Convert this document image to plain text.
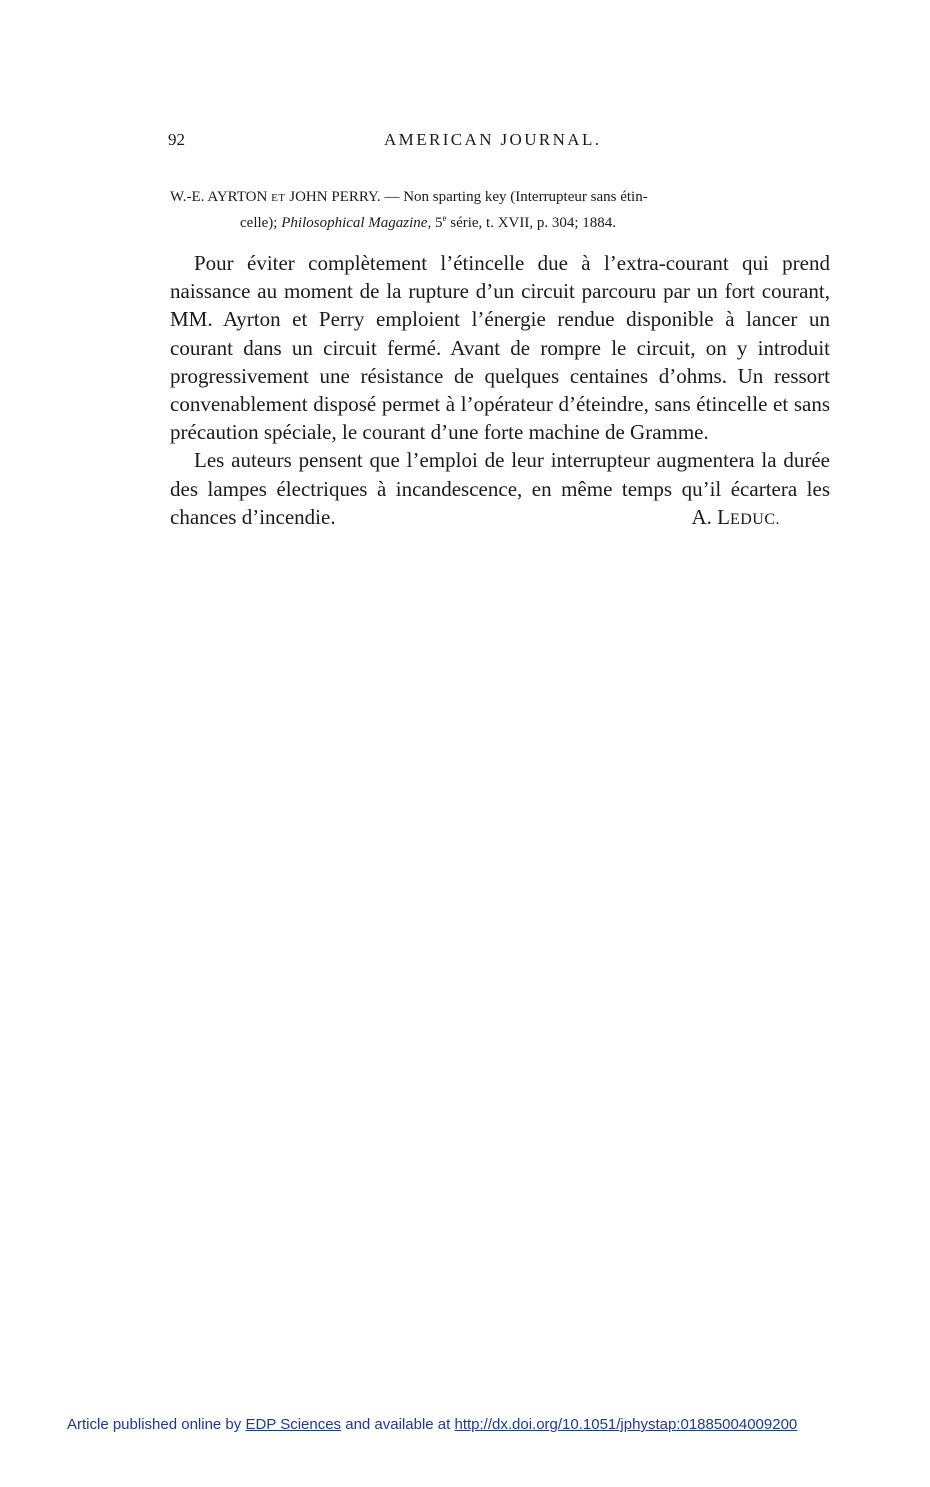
92	AMERICAN JOURNAL.
W.-E. AYRTON ET JOHN PERRY. — Non sparting key (Interrupteur sans étin-
celle); Philosophical Magazine, 5e série, t. XVII, p. 304; 1884.

Pour éviter complètement l’étincelle due à l’extra-courant qui prend naissance au moment de la rupture d’un circuit parcouru par un fort courant, MM. Ayrton et Perry emploient l’énergie rendue disponible à lancer un courant dans un circuit fermé. Avant de rompre le circuit, on y introduit progressivement une résistance de quelques centaines d’ohms. Un ressort convenablement disposé permet à l’opérateur d’éteindre, sans étincelle et sans précaution spéciale, le courant d’une forte machine de Gramme.

Les auteurs pensent que l’emploi de leur interrupteur augmentera la durée des lampes électriques à incandescence, en même temps qu’il écartera les chances d’incendie.	A. LEDUC.

Article published online by EDP Sciences and available at http://dx.doi.org/10.1051/jphystap:01885004009200
